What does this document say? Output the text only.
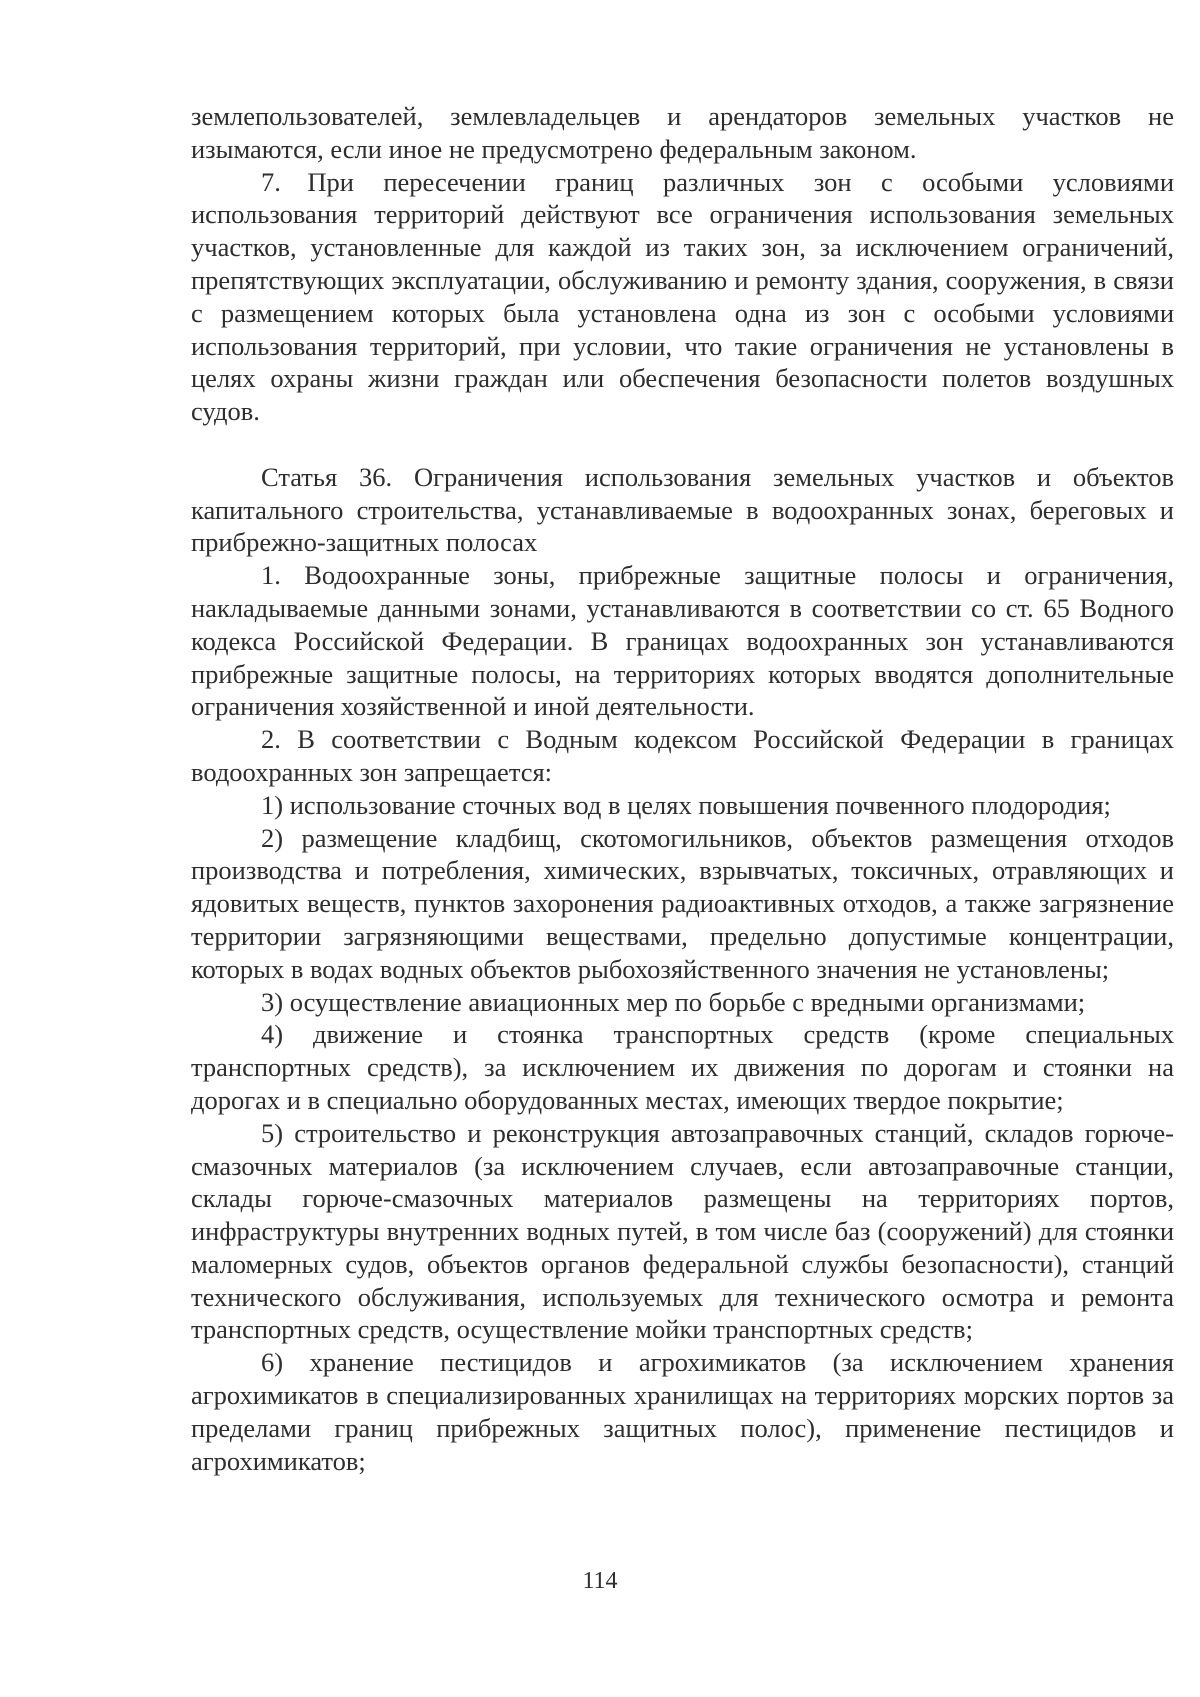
землепользователей, землевладельцев и арендаторов земельных участков не изымаются, если иное не предусмотрено федеральным законом.

7. При пересечении границ различных зон с особыми условиями использования территорий действуют все ограничения использования земельных участков, установленные для каждой из таких зон, за исключением ограничений, препятствующих эксплуатации, обслуживанию и ремонту здания, сооружения, в связи с размещением которых была установлена одна из зон с особыми условиями использования территорий, при условии, что такие ограничения не установлены в целях охраны жизни граждан или обеспечения безопасности полетов воздушных судов.

Статья 36. Ограничения использования земельных участков и объектов капитального строительства, устанавливаемые в водоохранных зонах, береговых и прибрежно-защитных полосах

1. Водоохранные зоны, прибрежные защитные полосы и ограничения, накладываемые данными зонами, устанавливаются в соответствии со ст. 65 Водного кодекса Российской Федерации. В границах водоохранных зон устанавливаются прибрежные защитные полосы, на территориях которых вводятся дополнительные ограничения хозяйственной и иной деятельности.

2. В соответствии с Водным кодексом Российской Федерации в границах водоохранных зон запрещается:

1) использование сточных вод в целях повышения почвенного плодородия;

2) размещение кладбищ, скотомогильников, объектов размещения отходов производства и потребления, химических, взрывчатых, токсичных, отравляющих и ядовитых веществ, пунктов захоронения радиоактивных отходов, а также загрязнение территории загрязняющими веществами, предельно допустимые концентрации, которых в водах водных объектов рыбохозяйственного значения не установлены;

3) осуществление авиационных мер по борьбе с вредными организмами;

4) движение и стоянка транспортных средств (кроме специальных транспортных средств), за исключением их движения по дорогам и стоянки на дорогах и в специально оборудованных местах, имеющих твердое покрытие;

5) строительство и реконструкция автозаправочных станций, складов горюче-смазочных материалов (за исключением случаев, если автозаправочные станции, склады горюче-смазочных материалов размещены на территориях портов, инфраструктуры внутренних водных путей, в том числе баз (сооружений) для стоянки маломерных судов, объектов органов федеральной службы безопасности), станций технического обслуживания, используемых для технического осмотра и ремонта транспортных средств, осуществление мойки транспортных средств;

6) хранение пестицидов и агрохимикатов (за исключением хранения агрохимикатов в специализированных хранилищах на территориях морских портов за пределами границ прибрежных защитных полос), применение пестицидов и агрохимикатов;

114
